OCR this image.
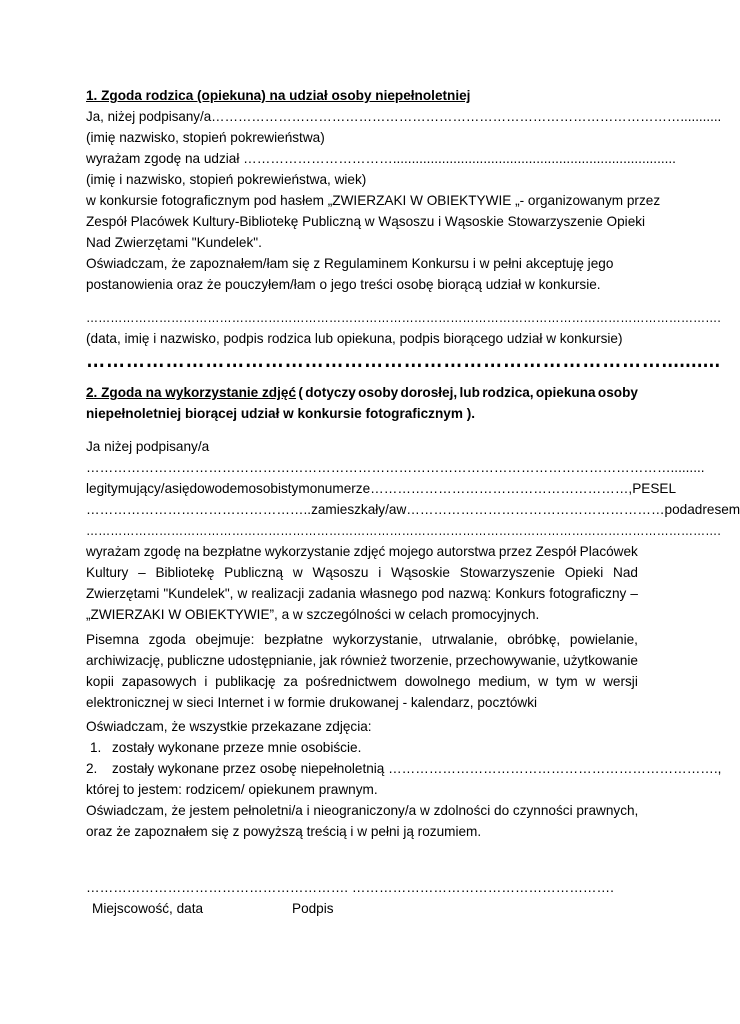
1. Zgoda rodzica (opiekuna) na udział osoby niepełnoletniej
Ja, niżej podpisany/a……………………………………………………………………………………………...........
(imię nazwisko, stopień pokrewieństwa)
wyrażam zgodę na udział ……………………………...........................................................................
(imię i nazwisko, stopień pokrewieństwa, wiek)
w konkursie fotograficznym pod hasłem „ZWIERZAKI W OBIEKTYWIE „- organizowanym przez
Zespół Placówek Kultury-Bibliotekę Publiczną w Wąsoszu i Wąsoskie Stowarzyszenie Opieki
Nad Zwierzętami "Kundelek".
Oświadczam, że zapoznałem/łam się z Regulaminem Konkursu i w pełni akceptuję jego
postanowienia oraz że pouczyłem/łam o jego treści osobę biorącą udział w konkursie.
………………………………………………………………………………………………………………………………………….
(data, imię i nazwisko, podpis rodzica lub opiekuna, podpis biorącego udział w konkursie)
……………………………………………………………………………..........
2. Zgoda na wykorzystanie zdjęć ( dotyczy osoby dorosłej, lub rodzica, opiekuna osoby
niepełnoletniej biorącej udział w konkursie fotograficznym ).
Ja niżej podpisany/a
………………………………………………………………………………………………………………….........
legitymujący/a się dowodem osobistym o numerze …………………………………………………, PESEL
………………………………………….. zamieszkały/a w ………………………………………………… pod adresem
………………………………………………………………………………………………………………………………………….
wyrażam zgodę na bezpłatne wykorzystanie zdjęć mojego autorstwa przez Zespół Placówek
Kultury – Bibliotekę Publiczną w Wąsoszu i Wąsoskie Stowarzyszenie Opieki Nad
Zwierzętami "Kundelek", w realizacji zadania własnego pod nazwą: Konkurs fotograficzny –
„ZWIERZAKI W OBIEKTYWIE”, a w szczególności w celach promocyjnych.
Pisemna zgoda obejmuje: bezpłatne wykorzystanie, utrwalanie, obróbkę, powielanie,
archiwizację, publiczne udostępnianie, jak również tworzenie, przechowywanie, użytkowanie
kopii zapasowych i publikację za pośrednictwem dowolnego medium, w tym w wersji
elektronicznej w sieci Internet i w formie drukowanej - kalendarz, pocztówki
Oświadczam, że wszystkie przekazane zdjęcia:
1. zostały wykonane przeze mnie osobiście.
2. zostały wykonane przez osobę niepełnoletnią ……………………………………………………………….,
której to jestem: rodzicem/ opiekunem prawnym.
Oświadczam, że jestem pełnoletni/a i nieograniczony/a w zdolności do czynności prawnych,
oraz że zapoznałem się z powyższą treścią i w pełni ją rozumiem.
…………………………………………………. ………………………………………………….
Miejscowość, data	Podpis
